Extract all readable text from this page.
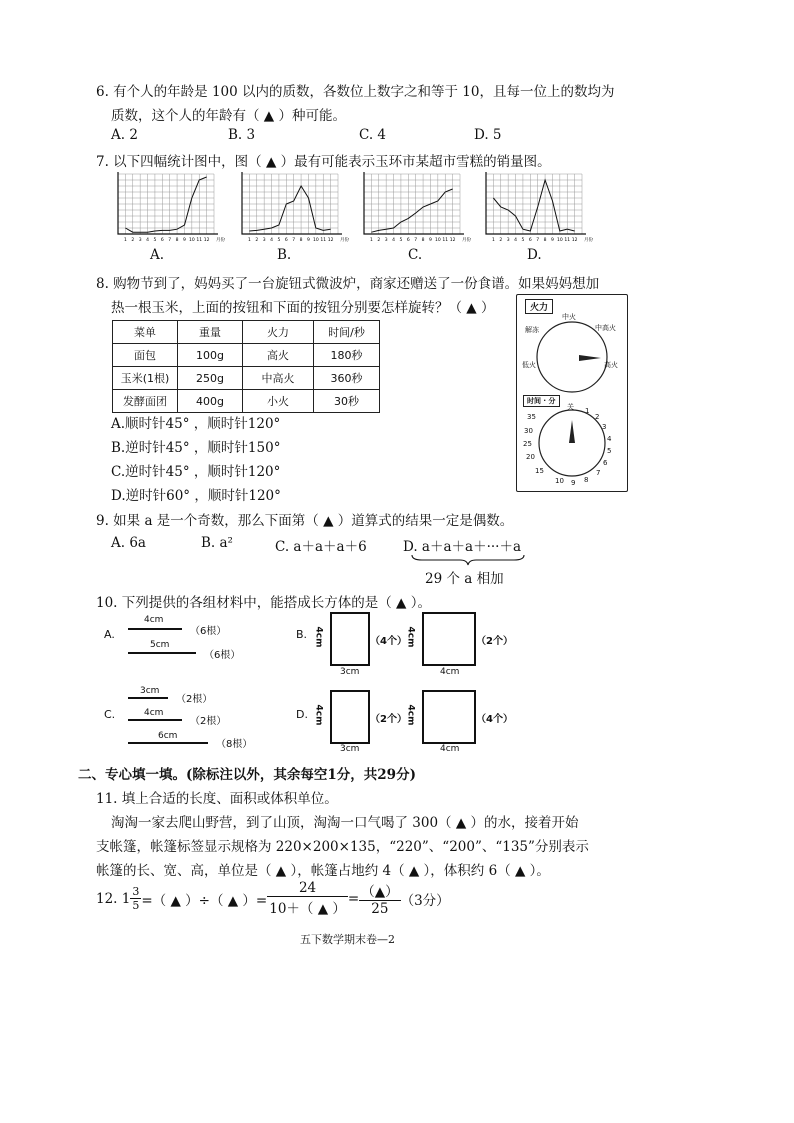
6. 有个人的年龄是 100 以内的质数，各数位上数字之和等于 10，且每一位上的数均为
质数，这个人的年龄有（ ▲ ）种可能。
A. 2	B. 3	C. 4	D. 5
7. 以下四幅统计图中，图（ ▲ ）最有可能表示玉环市某超市雪糕的销量图。
1 2 3 4 5 6 7 8 9 10 11 12 月份	1 2 3 4 5 6 7 8 9 10 11 12 月份	1 2 3 4 5 6 7 8 9 10 11 12 月份	1 2 3 4 5 6 7 8 9 10 11 12 月份
A.	B.	C.	D.
8. 购物节到了，妈妈买了一台旋钮式微波炉，商家还赠送了一份食谱。如果妈妈想加
热一根玉米，上面的按钮和下面的按钮分别要怎样旋转？（ ▲ ）
菜单	重量	火力	时间/秒
面包	100g	高火	180秒
玉米(1根)	250g	中高火	360秒
发酵面团	400g	小火	30秒
A.顺时针45° ，顺时针120°
B.逆时针45° ，顺时针150°
C.逆时针45° ，顺时针120°
D.逆时针60° ，顺时针120°
火力
中火
中高火
高火
低火
解冻
时间 · 分
关 1
2
3
4
5
6
7
8
9
10
15
20
25
30
35
9. 如果 a 是一个奇数，那么下面第（ ▲ ）道算式的结果一定是偶数。
A. 6a	B. a²	C. a＋a＋a＋6	D. a＋a＋a＋···＋a
29 个 a 相加
10. 下列提供的各组材料中，能搭成长方体的是（ ▲ ）。
A.
4cm
（6根）
5cm
（6根）
B. 4cm
3cm
（4个）
4cm
4cm
（2个）
C.
3cm
（2根）
4cm
（2根）
6cm
（8根）
D. 4cm
3cm
（2个）
4cm
4cm
（4个）
二、专心填一填。(除标注以外，其余每空1分，共29分)
11. 填上合适的长度、面积或体积单位。
淘淘一家去爬山野营，到了山顶，淘淘一口气喝了 300（ ▲ ）的水，接着开始
支帐篷，帐篷标签显示规格为 220×200×135，“220”、“200”、“135”分别表示
帐篷的长、宽、高，单位是（ ▲ ），帐篷占地约 4（ ▲ ），体积约 6（ ▲ ）。
12. $1 \frac{3}{5}$ =（ ▲ ）÷（ ▲ ）= $\frac{24}{10+( ▲ )} = \frac{(▲)}{25} (3$分）
五下数学期末卷—2
